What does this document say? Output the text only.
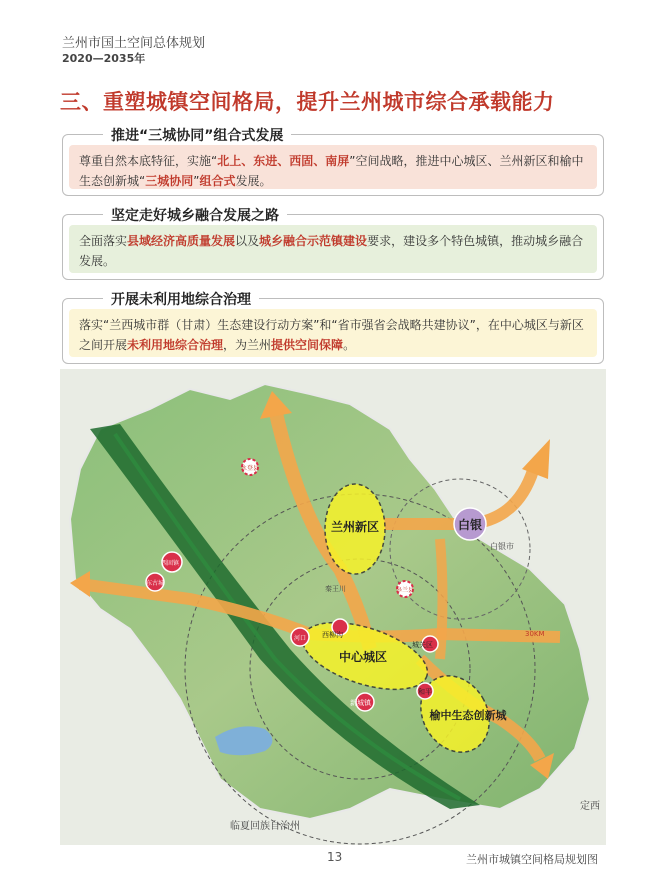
兰州市国土空间总体规划
2020—2035年
三、重塑城镇空间格局，提升兰州城市综合承载能力
推进“三城协同”组合式发展
尊重自然本底特征，实施“北上、东进、西固、南屏”空间战略，推进中心城区、兰州新区和榆中生态创新城“三城协同”组合式发展。
坚定走好城乡融合发展之路
全面落实县域经济高质量发展以及城乡融合示范镇建设要求，建设多个特色城镇，推动城乡融合发展。
开展未利用地综合治理
落实“兰西城市群（甘肃）生态建设行动方案”和“省市强省会战略共建协议”，在中心城区与新区之间开展未利用地综合治理，为兰州提供空间保障。
兰州新区	白银
白银市
中心城区
榆中生态创新城
永登县
皋兰县
东古城
河口
秦王川
西柳沟
城关区
和平
新城镇
西固镇
30KM
临夏回族自治州
定西
13	兰州市城镇空间格局规划图
